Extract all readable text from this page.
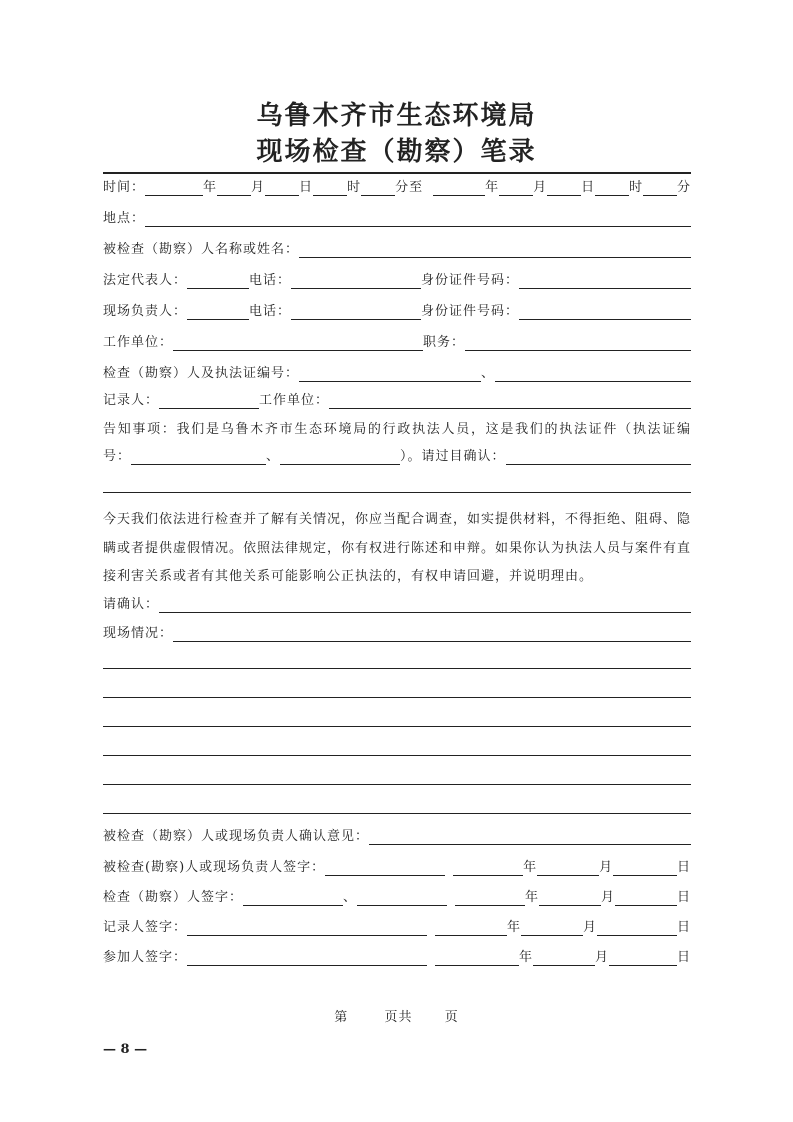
乌鲁木齐市生态环境局
现场检查（勘察）笔录
时间：	年	月	日	时	分至	年	月	日	时	分
地点：
被检查（勘察）人名称或姓名：
法定代表人：	电话：	身份证件号码：
现场负责人：	电话：	身份证件号码：
工作单位：	职务：
检查（勘察）人及执法证编号：	、
记录人：	工作单位：
告知事项：我们是乌鲁木齐市生态环境局的行政执法人员，这是我们的执法证件（执法证编
号：	、	）。请过目确认：
今天我们依法进行检查并了解有关情况，你应当配合调查，如实提供材料，不得拒绝、阻碍、隐
瞒或者提供虚假情况。依照法律规定，你有权进行陈述和申辩。如果你认为执法人员与案件有直
接利害关系或者有其他关系可能影响公正执法的，有权申请回避，并说明理由。
请确认：
现场情况：
被检查（勘察）人或现场负责人确认意见：
被检查(勘察)人或现场负责人签字：	年	月	日
检查（勘察）人签字：	、	年	月	日
记录人签字：	年	月	日
参加人签字：	年	月	日
第	页共 页
— 8 —
